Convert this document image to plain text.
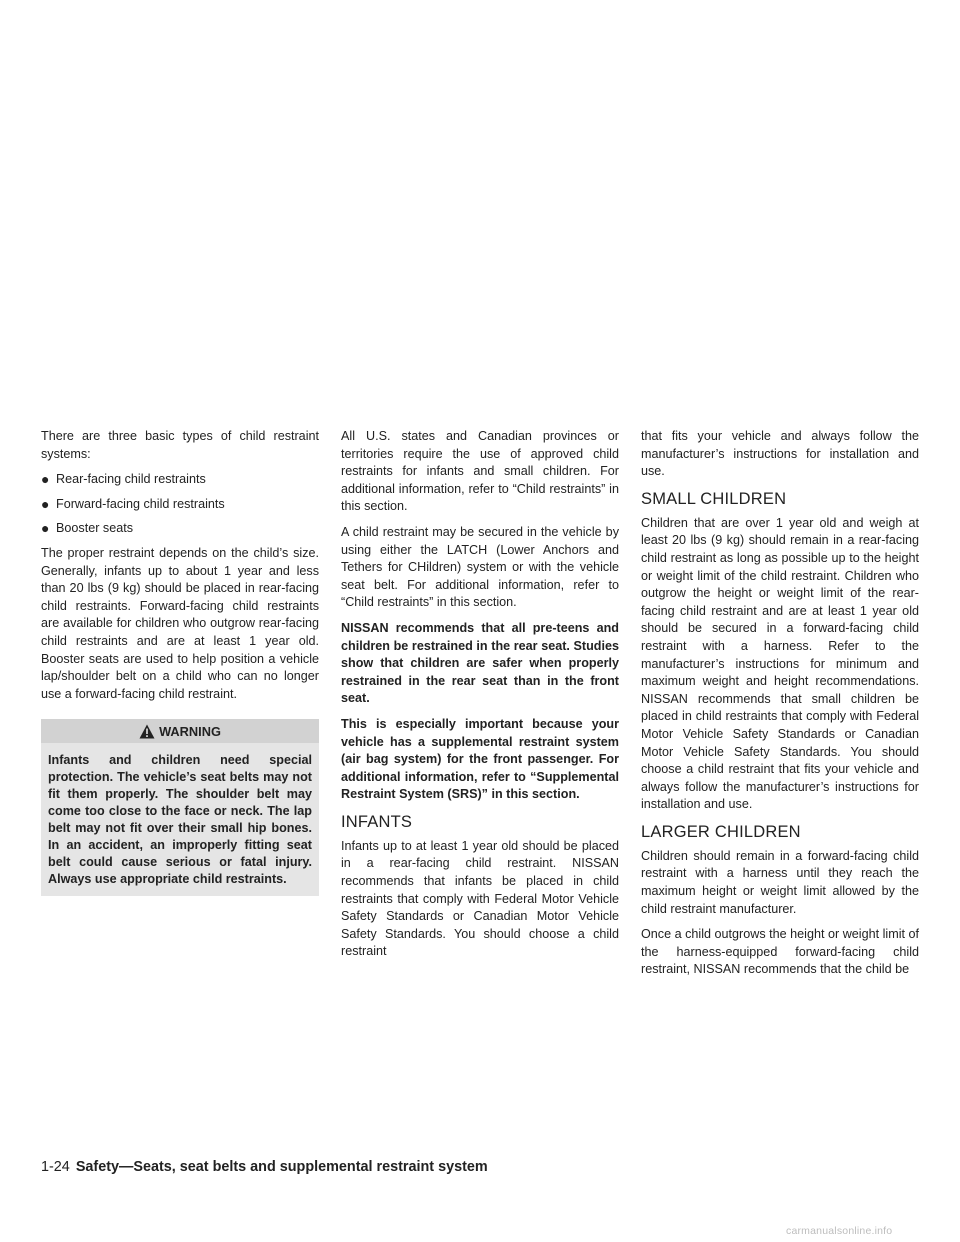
There are three basic types of child restraint systems:

● Rear-facing child restraints
● Forward-facing child restraints
● Booster seats

The proper restraint depends on the child’s size. Generally, infants up to about 1 year and less than 20 lbs (9 kg) should be placed in rear-facing child restraints. Forward-facing child restraints are available for children who outgrow rear-facing child restraints and are at least 1 year old. Booster seats are used to help position a vehicle lap/shoulder belt on a child who can no longer use a forward-facing child restraint.

WARNING
Infants and children need special protection. The vehicle’s seat belts may not fit them properly. The shoulder belt may come too close to the face or neck. The lap belt may not fit over their small hip bones. In an accident, an improperly fitting seat belt could cause serious or fatal injury. Always use appropriate child restraints.

All U.S. states and Canadian provinces or territories require the use of approved child restraints for infants and small children. For additional information, refer to “Child restraints” in this section.

A child restraint may be secured in the vehicle by using either the LATCH (Lower Anchors and Tethers for CHildren) system or with the vehicle seat belt. For additional information, refer to “Child restraints” in this section.

NISSAN recommends that all pre-teens and children be restrained in the rear seat. Studies show that children are safer when properly restrained in the rear seat than in the front seat.

This is especially important because your vehicle has a supplemental restraint system (air bag system) for the front passenger. For additional information, refer to “Supplemental Restraint System (SRS)” in this section.

INFANTS

Infants up to at least 1 year old should be placed in a rear-facing child restraint. NISSAN recommends that infants be placed in child restraints that comply with Federal Motor Vehicle Safety Standards or Canadian Motor Vehicle Safety Standards. You should choose a child restraint

that fits your vehicle and always follow the manufacturer’s instructions for installation and use.

SMALL CHILDREN

Children that are over 1 year old and weigh at least 20 lbs (9 kg) should remain in a rear-facing child restraint as long as possible up to the height or weight limit of the child restraint. Children who outgrow the height or weight limit of the rear-facing child restraint and are at least 1 year old should be secured in a forward-facing child restraint with a harness. Refer to the manufacturer’s instructions for minimum and maximum weight and height recommendations. NISSAN recommends that small children be placed in child restraints that comply with Federal Motor Vehicle Safety Standards or Canadian Motor Vehicle Safety Standards. You should choose a child restraint that fits your vehicle and always follow the manufacturer’s instructions for installation and use.

LARGER CHILDREN

Children should remain in a forward-facing child restraint with a harness until they reach the maximum height or weight limit allowed by the child restraint manufacturer.

Once a child outgrows the height or weight limit of the harness-equipped forward-facing child restraint, NISSAN recommends that the child be

1-24 Safety—Seats, seat belts and supplemental restraint system
carmanualsonline.info
